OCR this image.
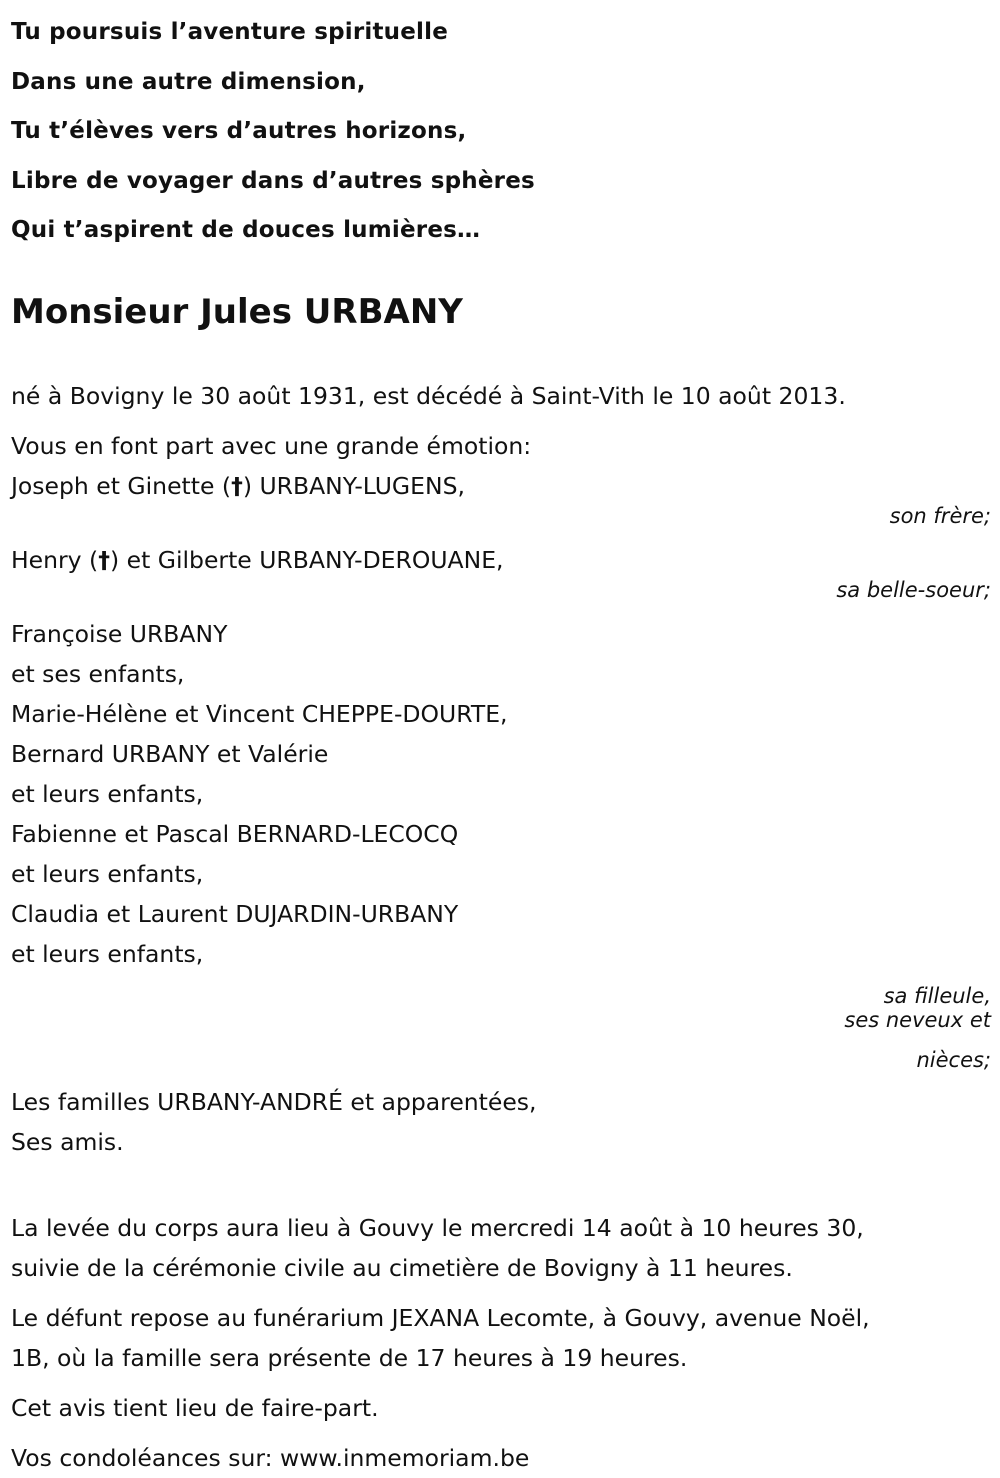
Tu poursuis l’aventure spirituelle
Dans une autre dimension,
Tu t’élèves vers d’autres horizons,
Libre de voyager dans d’autres sphères
Qui t’aspirent de douces lumières…
Monsieur Jules URBANY
né à Bovigny le 30 août 1931, est décédé à Saint-Vith le 10 août 2013.
Vous en font part avec une grande émotion:
Joseph et Ginette (†) URBANY-LUGENS,
son frère;
Henry (†) et Gilberte URBANY-DEROUANE,
sa belle-soeur;
Françoise URBANY
et ses enfants,
Marie-Hélène et Vincent CHEPPE-DOURTE,
Bernard URBANY et Valérie
et leurs enfants,
Fabienne et Pascal BERNARD-LECOCQ
et leurs enfants,
Claudia et Laurent DUJARDIN-URBANY
et leurs enfants,
sa filleule,
ses neveux et
nièces;
Les familles URBANY-ANDRÉ et apparentées,
Ses amis.
La levée du corps aura lieu à Gouvy le mercredi 14 août à 10 heures 30,
suivie de la cérémonie civile au cimetière de Bovigny à 11 heures.
Le défunt repose au funérarium JEXANA Lecomte, à Gouvy, avenue Noël,
1B, où la famille sera présente de 17 heures à 19 heures.
Cet avis tient lieu de faire-part.
Vos condoléances sur: www.inmemoriam.be
